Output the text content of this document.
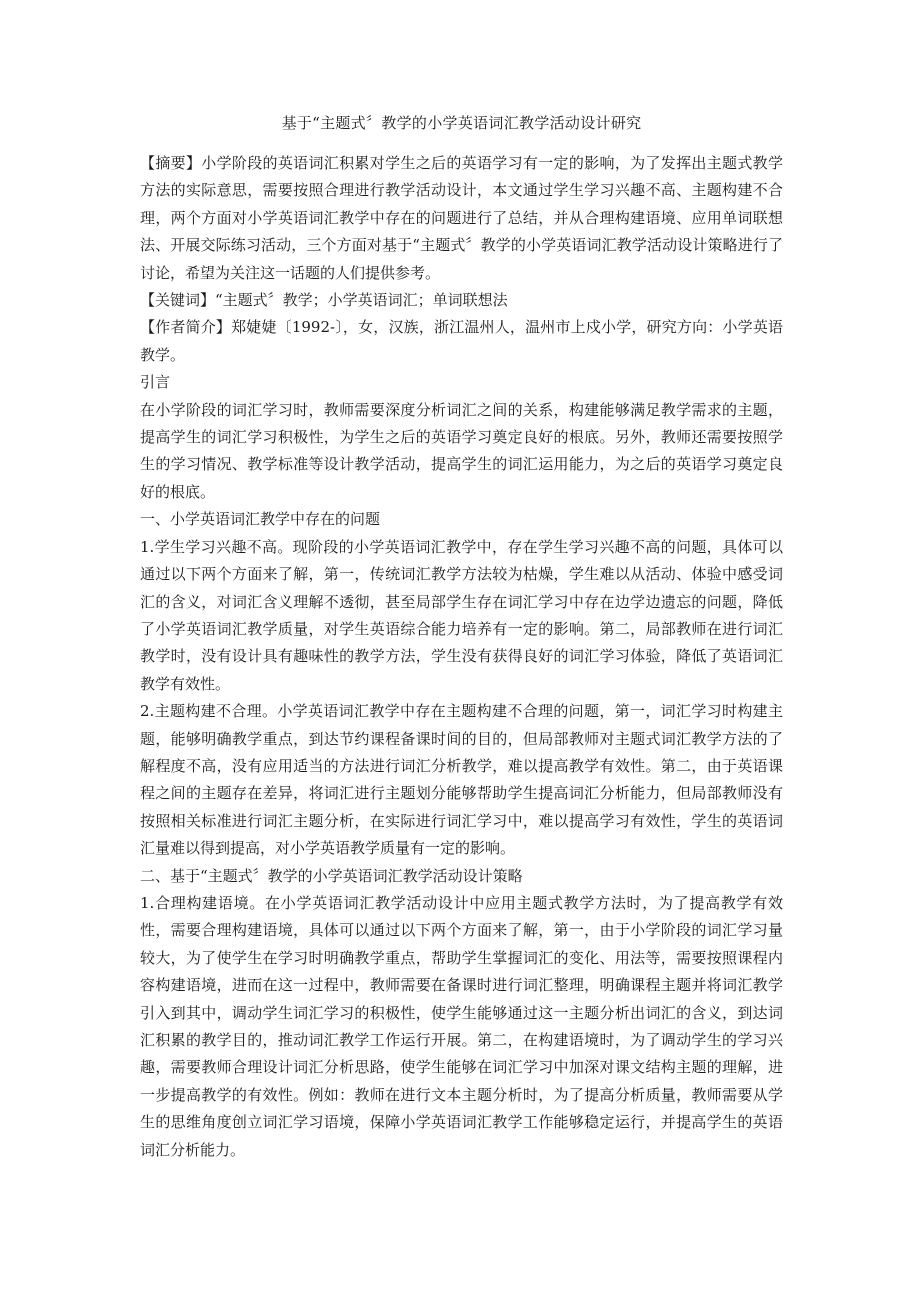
基于“主题式〞教学的小学英语词汇教学活动设计研究

【摘要】小学阶段的英语词汇积累对学生之后的英语学习有一定的影响，为了发挥出主题式教学方法的实际意思，需要按照合理进行教学活动设计，本文通过学生学习兴趣不高、主题构建不合理，两个方面对小学英语词汇教学中存在的问题进行了总结，并从合理构建语境、应用单词联想法、开展交际练习活动，三个方面对基于“主题式〞教学的小学英语词汇教学活动设计策略进行了讨论，希望为关注这一话题的人们提供参考。

【关键词】“主题式〞教学；小学英语词汇；单词联想法

【作者简介】郑婕婕〔1992-〕，女，汉族，浙江温州人，温州市上戍小学，研究方向：小学英语教学。

引言

在小学阶段的词汇学习时，教师需要深度分析词汇之间的关系，构建能够满足教学需求的主题，提高学生的词汇学习积极性，为学生之后的英语学习奠定良好的根底。另外，教师还需要按照学生的学习情况、教学标准等设计教学活动，提高学生的词汇运用能力，为之后的英语学习奠定良好的根底。

一、小学英语词汇教学中存在的问题

1.学生学习兴趣不高。现阶段的小学英语词汇教学中，存在学生学习兴趣不高的问题，具体可以通过以下两个方面来了解，第一，传统词汇教学方法较为枯燥，学生难以从活动、体验中感受词汇的含义，对词汇含义理解不透彻，甚至局部学生存在词汇学习中存在边学边遗忘的问题，降低了小学英语词汇教学质量，对学生英语综合能力培养有一定的影响。第二，局部教师在进行词汇教学时，没有设计具有趣味性的教学方法，学生没有获得良好的词汇学习体验，降低了英语词汇教学有效性。

2.主题构建不合理。小学英语词汇教学中存在主题构建不合理的问题，第一，词汇学习时构建主题，能够明确教学重点，到达节约课程备课时间的目的，但局部教师对主题式词汇教学方法的了解程度不高，没有应用适当的方法进行词汇分析教学，难以提高教学有效性。第二，由于英语课程之间的主题存在差异，将词汇进行主题划分能够帮助学生提高词汇分析能力，但局部教师没有按照相关标准进行词汇主题分析，在实际进行词汇学习中，难以提高学习有效性，学生的英语词汇量难以得到提高，对小学英语教学质量有一定的影响。

二、基于“主题式〞教学的小学英语词汇教学活动设计策略

1.合理构建语境。在小学英语词汇教学活动设计中应用主题式教学方法时，为了提高教学有效性，需要合理构建语境，具体可以通过以下两个方面来了解，第一，由于小学阶段的词汇学习量较大，为了使学生在学习时明确教学重点，帮助学生掌握词汇的变化、用法等，需要按照课程内容构建语境，进而在这一过程中，教师需要在备课时进行词汇整理，明确课程主题并将词汇教学引入到其中，调动学生词汇学习的积极性，使学生能够通过这一主题分析出词汇的含义，到达词汇积累的教学目的，推动词汇教学工作运行开展。第二，在构建语境时，为了调动学生的学习兴趣，需要教师合理设计词汇分析思路，使学生能够在词汇学习中加深对课文结构主题的理解，进一步提高教学的有效性。例如：教师在进行文本主题分析时，为了提高分析质量，教师需要从学生的思维角度创立词汇学习语境，保障小学英语词汇教学工作能够稳定运行，并提高学生的英语词汇分析能力。
